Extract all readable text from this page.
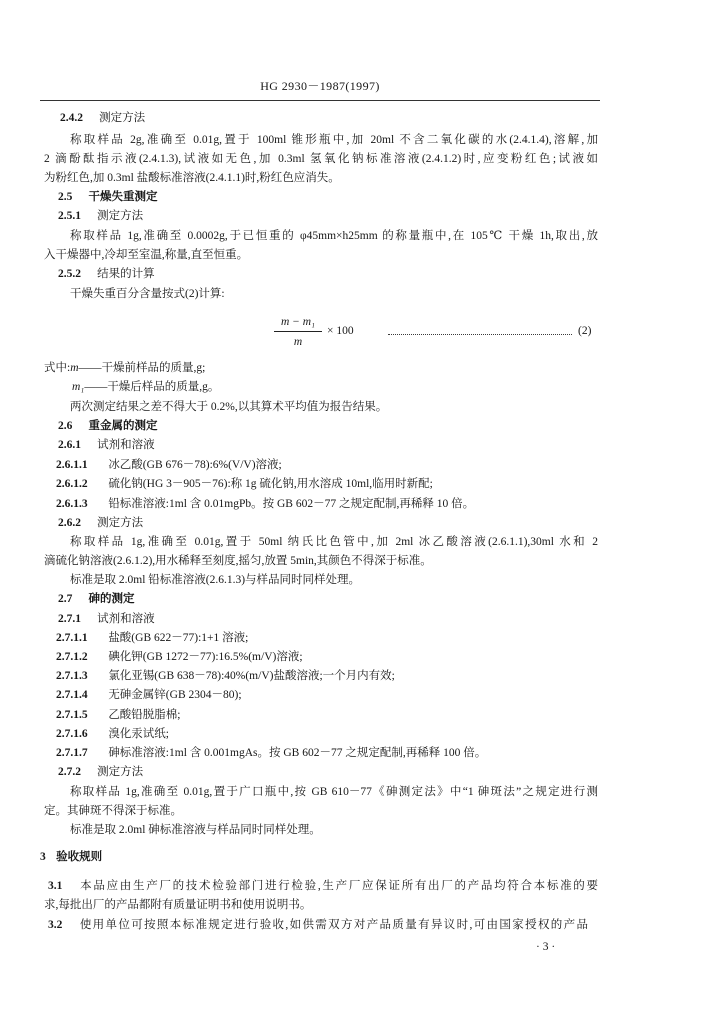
HG 2930－1987(1997)
2.4.2 测定方法
称取样品 2g,准确至 0.01g,置于 100ml 锥形瓶中,加 20ml 不含二氧化碳的水(2.4.1.4),溶解,加
2 滴酚酞指示液(2.4.1.3),试液如无色,加 0.3ml 氢氧化钠标准溶液(2.4.1.2)时,应变粉红色;试液如
为粉红色,加 0.3ml 盐酸标准溶液(2.4.1.1)时,粉红色应消失。
2.5 干燥失重测定
2.5.1 测定方法
称取样品 1g,准确至 0.0002g,于已恒重的 φ45mm×h25mm 的称量瓶中,在 105℃ 干燥 1h,取出,放
入干燥器中,冷却至室温,称量,直至恒重。
2.5.2 结果的计算
干燥失重百分含量按式(2)计算:
m − m₁
m
× 100	(2)
式中:m——干燥前样品的质量,g;
m₁——干燥后样品的质量,g。
两次测定结果之差不得大于 0.2%,以其算术平均值为报告结果。
2.6 重金属的测定
2.6.1 试剂和溶液
2.6.1.1 冰乙酸(GB 676－78):6%(V/V)溶液;
2.6.1.2 硫化钠(HG 3－905－76):称 1g 硫化钠,用水溶成 10ml,临用时新配;
2.6.1.3 铅标准溶液:1ml 含 0.01mgPb。按 GB 602－77 之规定配制,再稀释 10 倍。
2.6.2 测定方法
称取样品 1g,准确至 0.01g,置于 50ml 纳氏比色管中,加 2ml 冰乙酸溶液(2.6.1.1),30ml 水和 2
滴硫化钠溶液(2.6.1.2),用水稀释至刻度,摇匀,放置 5min,其颜色不得深于标准。
标准是取 2.0ml 铅标准溶液(2.6.1.3)与样品同时同样处理。
2.7 砷的测定
2.7.1 试剂和溶液
2.7.1.1 盐酸(GB 622－77):1+1 溶液;
2.7.1.2 碘化钾(GB 1272－77):16.5%(m/V)溶液;
2.7.1.3 氯化亚锡(GB 638－78):40%(m/V)盐酸溶液;一个月内有效;
2.7.1.4 无砷金属锌(GB 2304－80);
2.7.1.5 乙酸铅脱脂棉;
2.7.1.6 溴化汞试纸;
2.7.1.7 砷标准溶液:1ml 含 0.001mgAs。按 GB 602－77 之规定配制,再稀释 100 倍。
2.7.2 测定方法
称取样品 1g,准确至 0.01g,置于广口瓶中,按 GB 610－77《砷测定法》中“1 砷斑法”之规定进行测
定。其砷斑不得深于标准。
标准是取 2.0ml 砷标准溶液与样品同时同样处理。
3 验收规则
3.1 本品应由生产厂的技术检验部门进行检验,生产厂应保证所有出厂的产品均符合本标准的要
求,每批出厂的产品都附有质量证明书和使用说明书。
3.2 使用单位可按照本标准规定进行验收,如供需双方对产品质量有异议时,可由国家授权的产品
· 3 ·
